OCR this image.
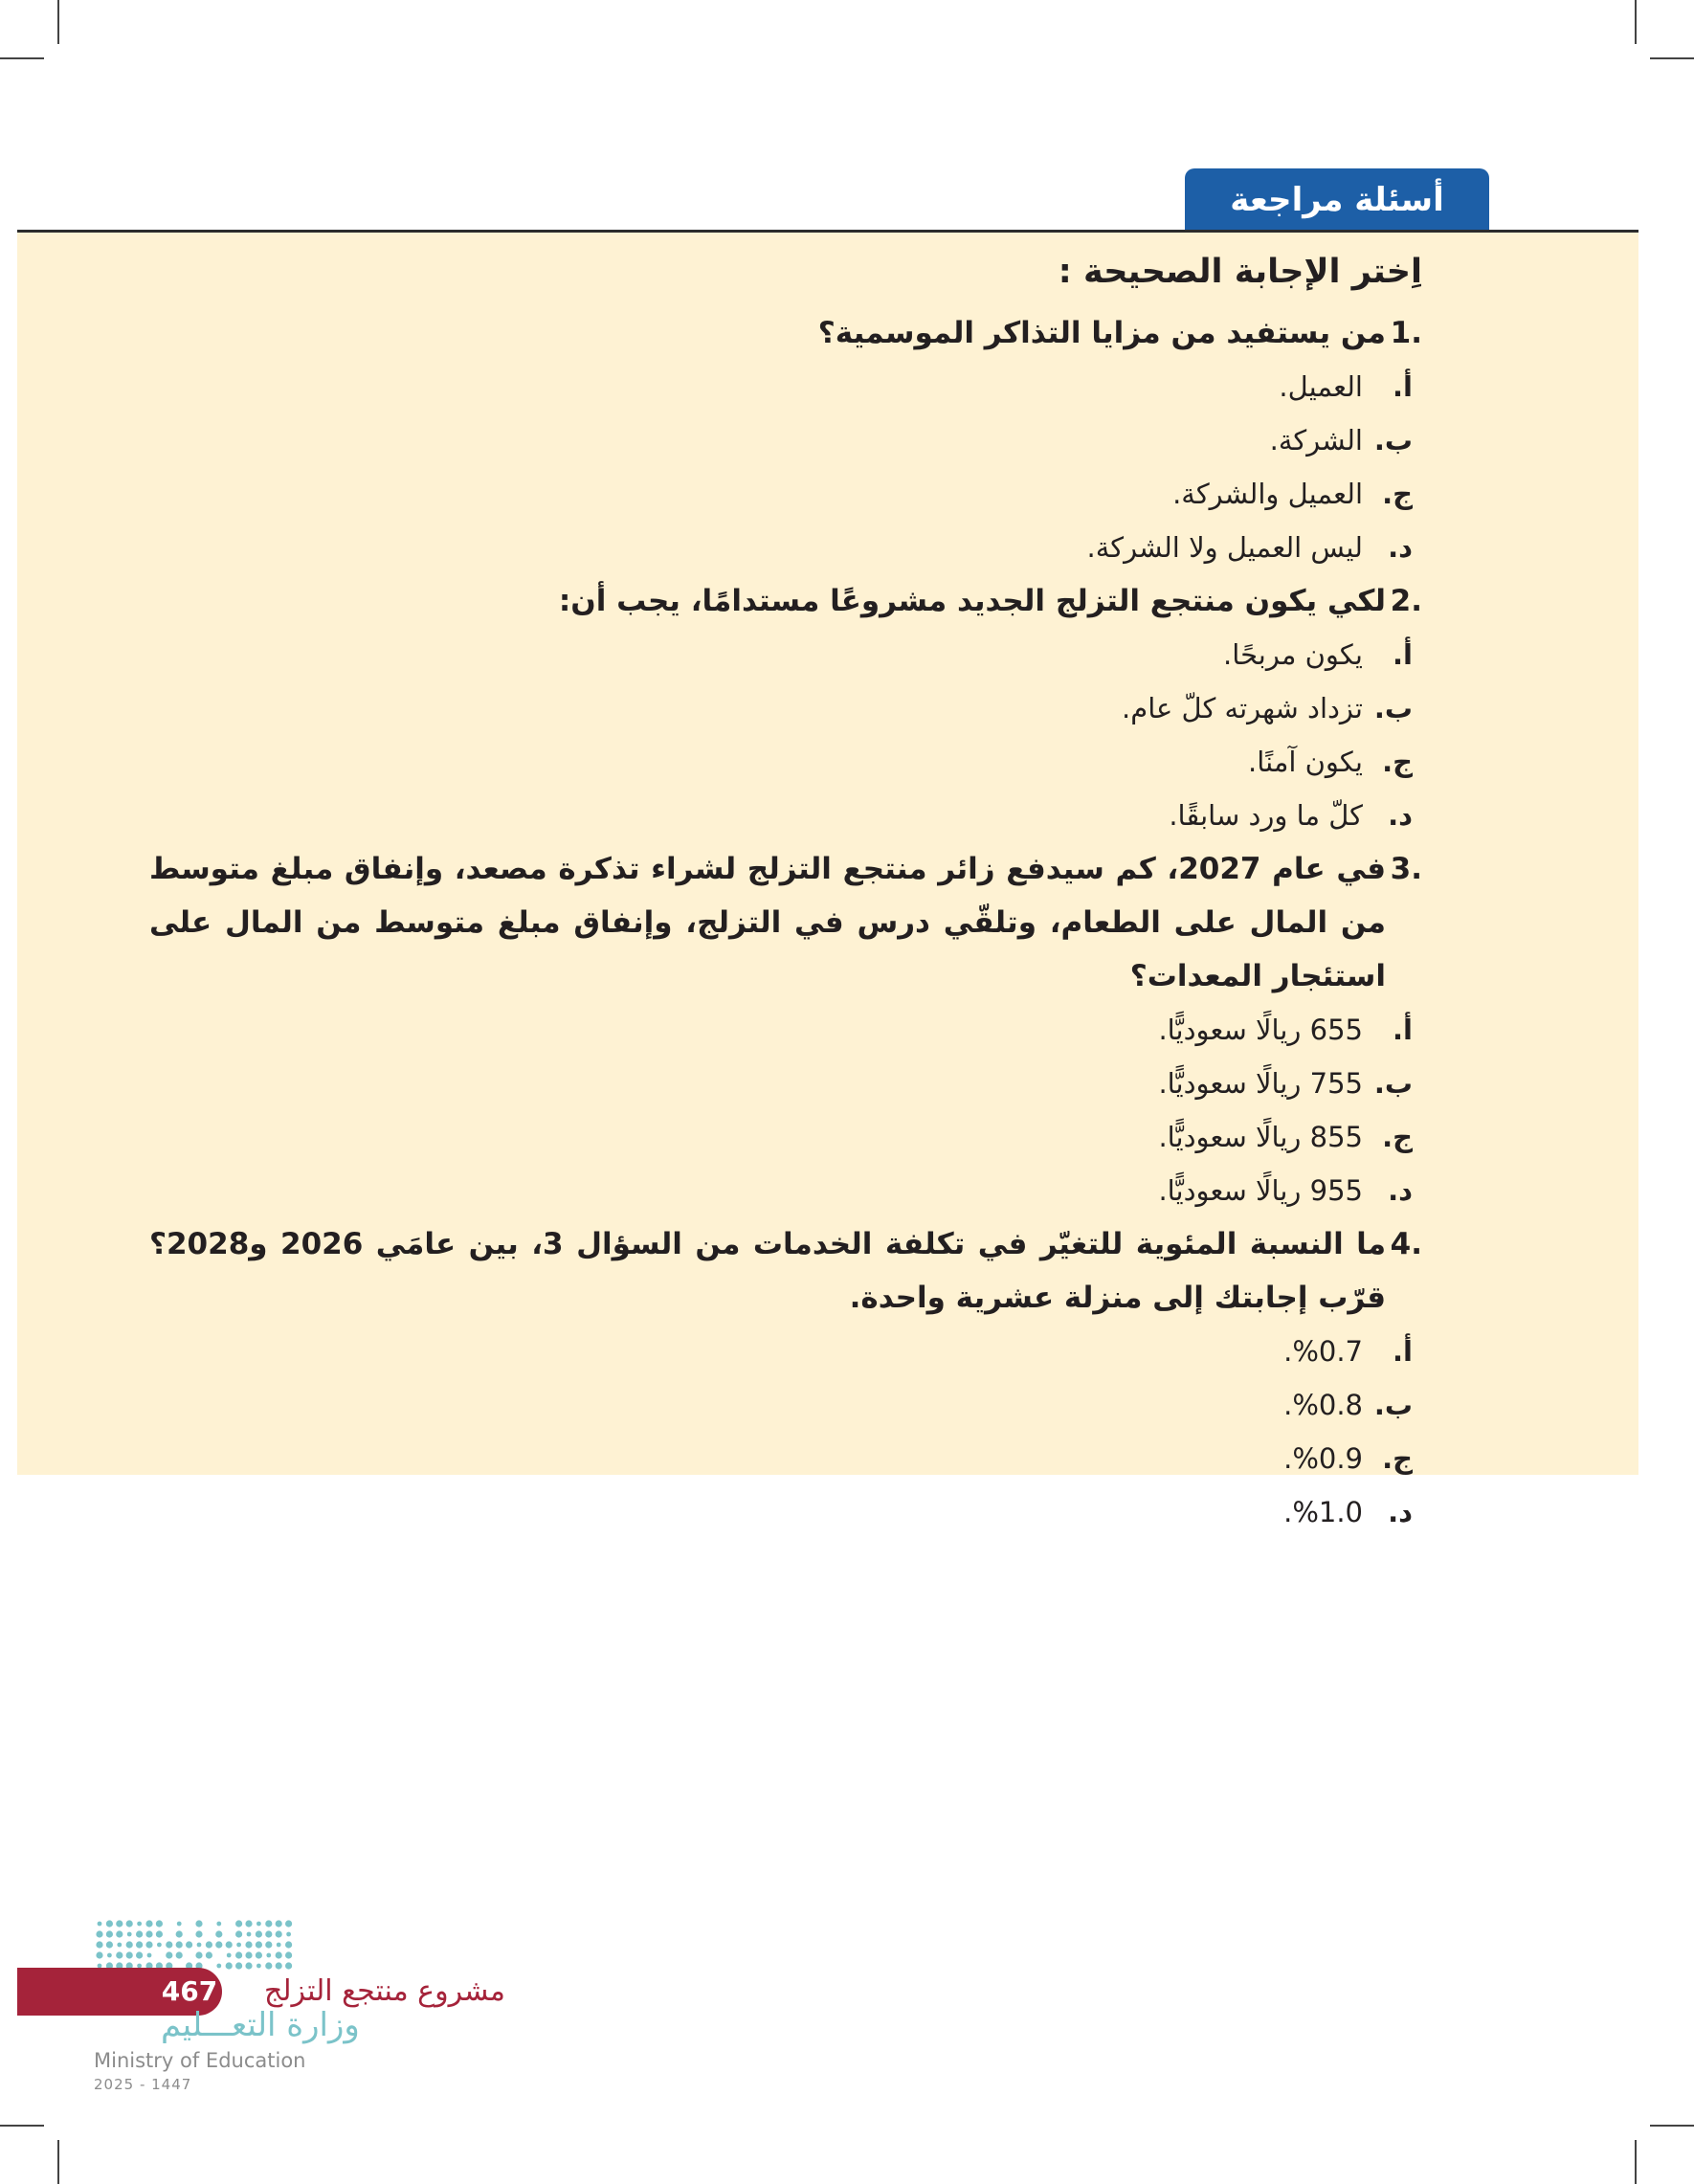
أسئلة مراجعة
اِختر الإجابة الصحيحة :
.1
من يستفيد من مزايا التذاكر الموسمية؟
أ.
العميل.
ب.
الشركة.
ج.
العميل والشركة.
د.
ليس العميل ولا الشركة.
.2
لكي يكون منتجع التزلج الجديد مشروعًا مستدامًا، يجب أن:
أ.
يكون مربحًا.
ب.
تزداد شهرته كلّ عام.
ج.
يكون آمنًا.
د.
كلّ ما ورد سابقًا.
.3
في عام 2027، كم سيدفع زائر منتجع التزلج لشراء تذكرة مصعد، وإنفاق مبلغ متوسط من المال على الطعام، وتلقّي درس في التزلج، وإنفاق مبلغ متوسط من المال على استئجار المعدات؟
أ.
655 ريالًا سعوديًّا.
ب.
755 ريالًا سعوديًّا.
ج.
855 ريالًا سعوديًّا.
د.
955 ريالًا سعوديًّا.
.4
ما النسبة المئوية للتغيّر في تكلفة الخدمات من السؤال 3، بين عامَي 2026 و2028؟ قرّب إجابتك إلى منزلة عشرية واحدة.
أ.
%0.7.
ب.
%0.8.
ج.
%0.9.
د.
%1.0.
467 مشروع منتجع التزلج
وزارة التعـــليم
Ministry of Education
2025 - 1447
